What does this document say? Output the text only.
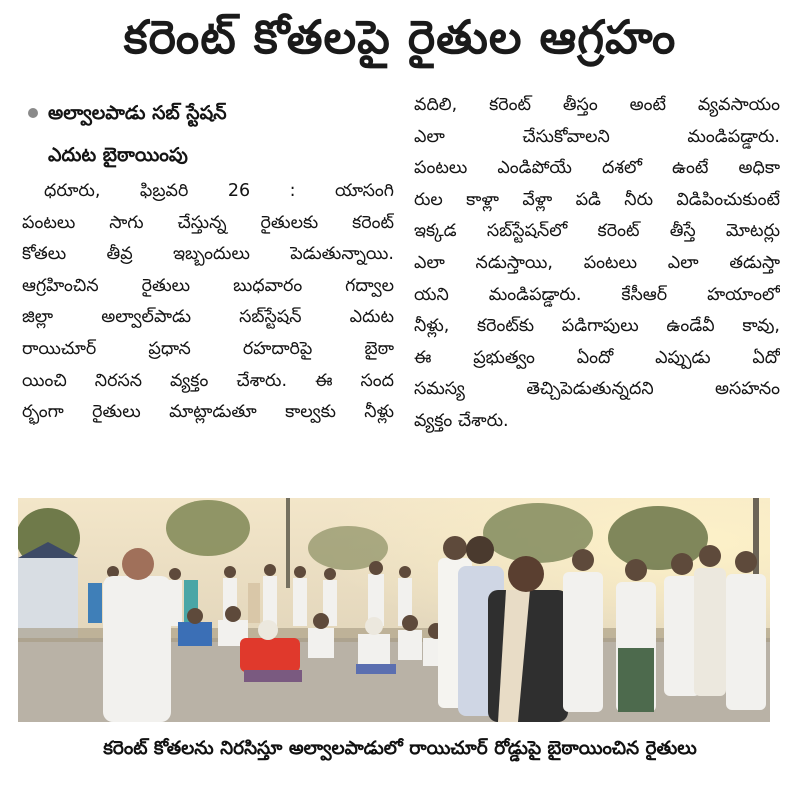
కరెంట్ కోతలపై రైతుల ఆగ్రహం
అల్వాలపాడు సబ్ స్టేషన్
ఎదుట బైఠాయింపు
ధరూరు, ఫిబ్రవరి 26 : యాసంగి
పంటలు సాగు చేస్తున్న రైతులకు కరెంట్
కోతలు తీవ్ర ఇబ్బందులు పెడుతున్నాయి.
ఆగ్రహించిన రైతులు బుధవారం గద్వాల
జిల్లా అల్వాల్‌పాడు సబ్‌స్టేషన్ ఎదుట
రాయిచూర్ ప్రధాన రహదారిపై బైఠా
యించి నిరసన వ్యక్తం చేశారు. ఈ సంద
ర్భంగా రైతులు మాట్లాడుతూ కాల్వకు నీళ్లు
వదిలి, కరెంట్ తీస్తం అంటే వ్యవసాయం
ఎలా చేసుకోవాలని మండిపడ్డారు.
పంటలు ఎండిపోయే దశలో ఉంటే అధికా
రుల కాళ్లా వేళ్లా పడి నీరు విడిపించుకుంటే
ఇక్కడ సబ్‌స్టేషన్‌లో కరెంట్ తీస్తే మోటర్లు
ఎలా నడుస్తాయి, పంటలు ఎలా తడుస్తా
యని మండిపడ్డారు. కేసీఆర్ హయాంలో
నీళ్లు, కరెంట్‌కు పడిగాపులు ఉండేవీ కావు,
ఈ ప్రభుత్వం ఏందో ఎప్పుడు ఏదో
సమస్య తెచ్చిపెడుతున్నదని అసహనం
వ్యక్తం చేశారు.
కరెంట్ కోతలను నిరసిస్తూ అల్వాలపాడులో రాయిచూర్ రోడ్డుపై బైఠాయించిన రైతులు
